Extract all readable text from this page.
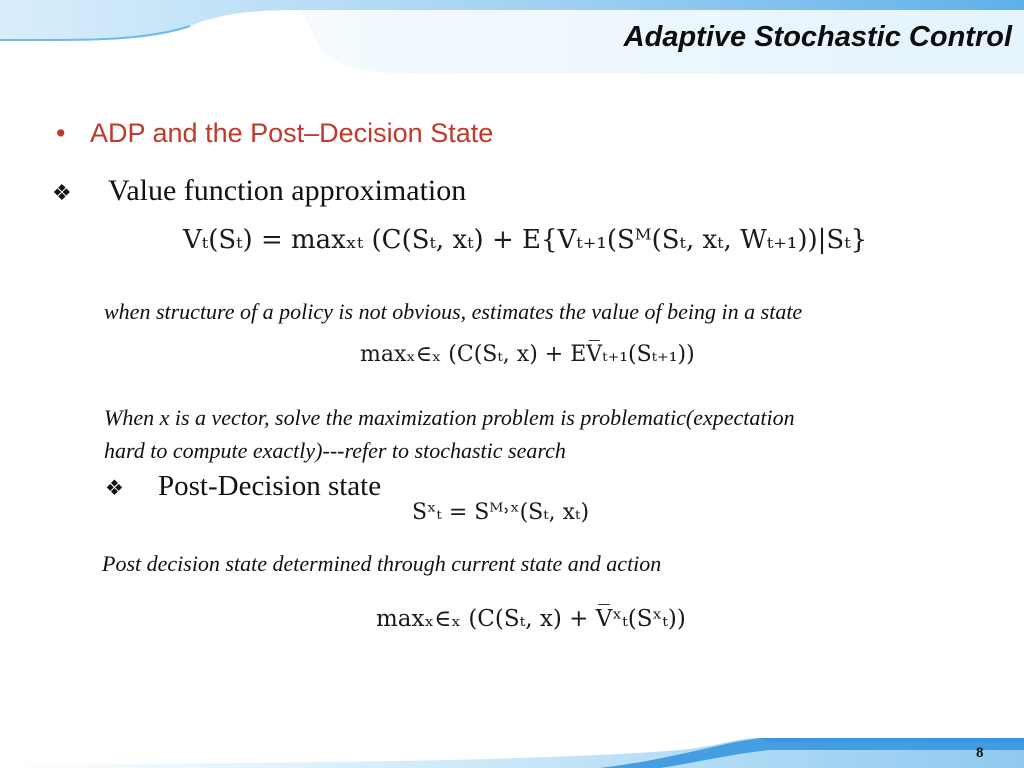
Adaptive Stochastic Control
• ADP and the Post–Decision State
❖	Value function approximation
Vₜ(Sₜ) = maxₓₜ (C(Sₜ, xₜ) + E{Vₜ₊₁(Sᴹ(Sₜ, xₜ, Wₜ₊₁))|Sₜ}
when structure of a policy is not obvious, estimates the value of being in a state
maxₓ∈ₓ (C(Sₜ, x) + EV̅ₜ₊₁(Sₜ₊₁))
When x is a vector, solve the maximization problem is problematic(expectation
hard to compute exactly)---refer to stochastic search
❖	Post-Decision state
Sˣₜ = Sᴹ˒ˣ(Sₜ, xₜ)
Post decision state determined through current state and action
maxₓ∈ₓ (C(Sₜ, x) + V̅ˣₜ(Sˣₜ))
8
